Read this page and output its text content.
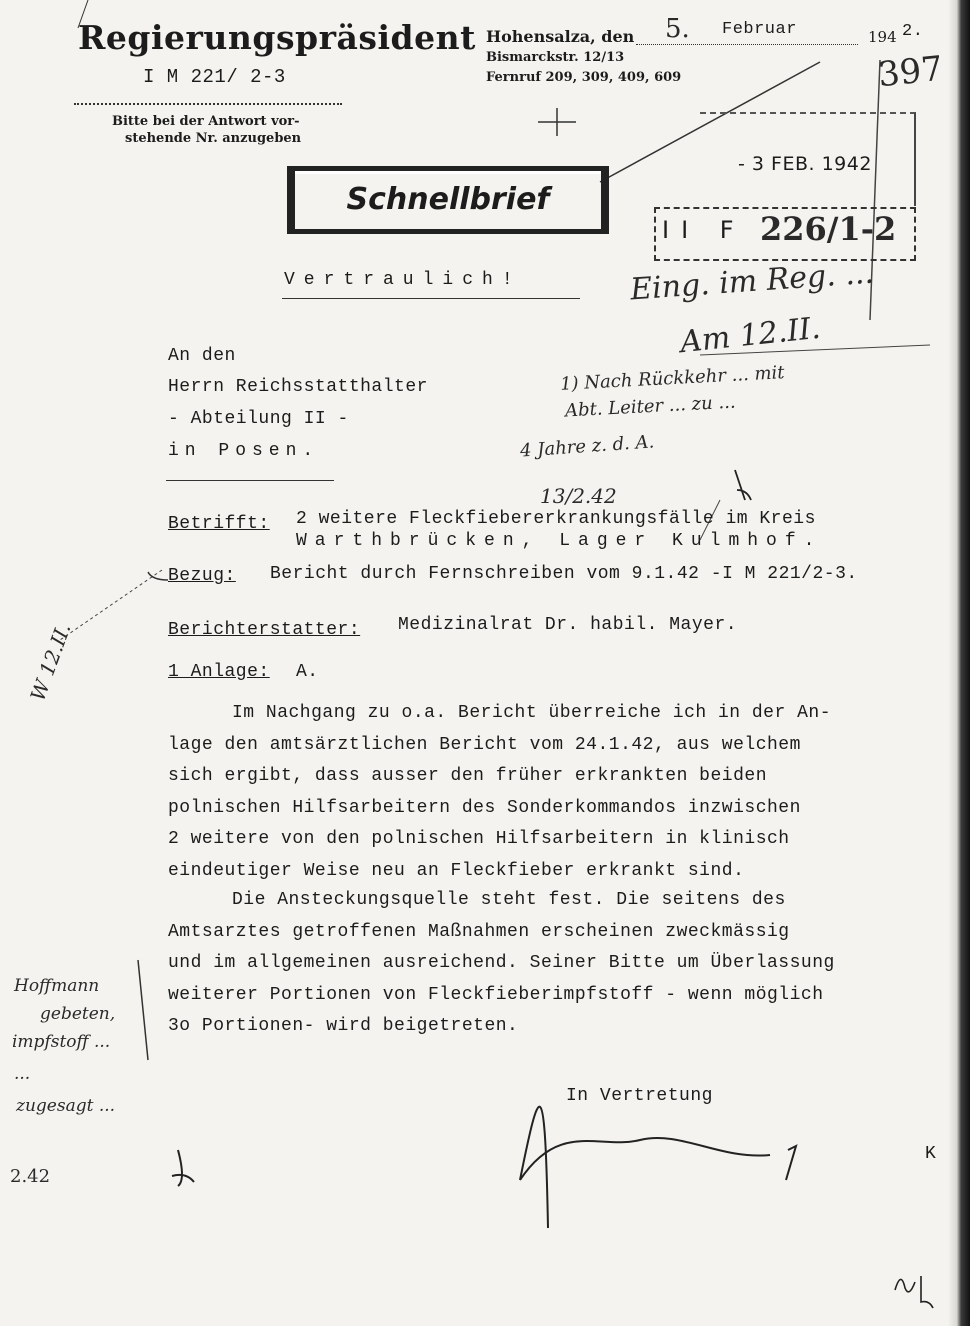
Regierungspräsident
I M 221/ 2-3
Bitte bei der Antwort vor-
stehende Nr. anzugeben
Hohensalza, den 5. Februar	194 2.
Bismarckstr. 12/13
Fernruf 209, 309, 409, 609	397
- 3 FEB. 1942
II F 226/1-2
Schnellbrief
Vertraulich!
An den
Herrn Reichsstatthalter
- Abteilung II -
in Posen.
Betrifft: 2 weitere Fleckfiebererkrankungsfälle im Kreis
Warthbrücken, Lager Kulmhof.
Bezug: Bericht durch Fernschreiben vom 9.1.42 -I M 221/2-3.
Berichterstatter: Medizinalrat Dr. habil. Mayer.
1 Anlage: A.
Im Nachgang zu o.a. Bericht überreiche ich in der An-
lage den amtsärztlichen Bericht vom 24.1.42, aus welchem
sich ergibt, dass ausser den früher erkrankten beiden
polnischen Hilfsarbeitern des Sonderkommandos inzwischen
2 weitere von den polnischen Hilfsarbeitern in klinisch
eindeutiger Weise neu an Fleckfieber erkrankt sind.
Die Ansteckungsquelle steht fest. Die seitens des
Amtsarztes getroffenen Maßnahmen erscheinen zweckmässig
und im allgemeinen ausreichend. Seiner Bitte um Überlassung
weiterer Portionen von Fleckfieberimpfstoff - wenn möglich
3o Portionen- wird beigetreten.
In Vertretung
K
Eing. im Reg. ...
Am 12.II.
1) Nach Rückkehr ... mit
Abt. Leiter ... zu ...
4 Jahre z. d. A.
13/2.42
W 12.II.
Hoffmann
gebeten,
impfstoff ...
...
zugesagt ...
2.42
